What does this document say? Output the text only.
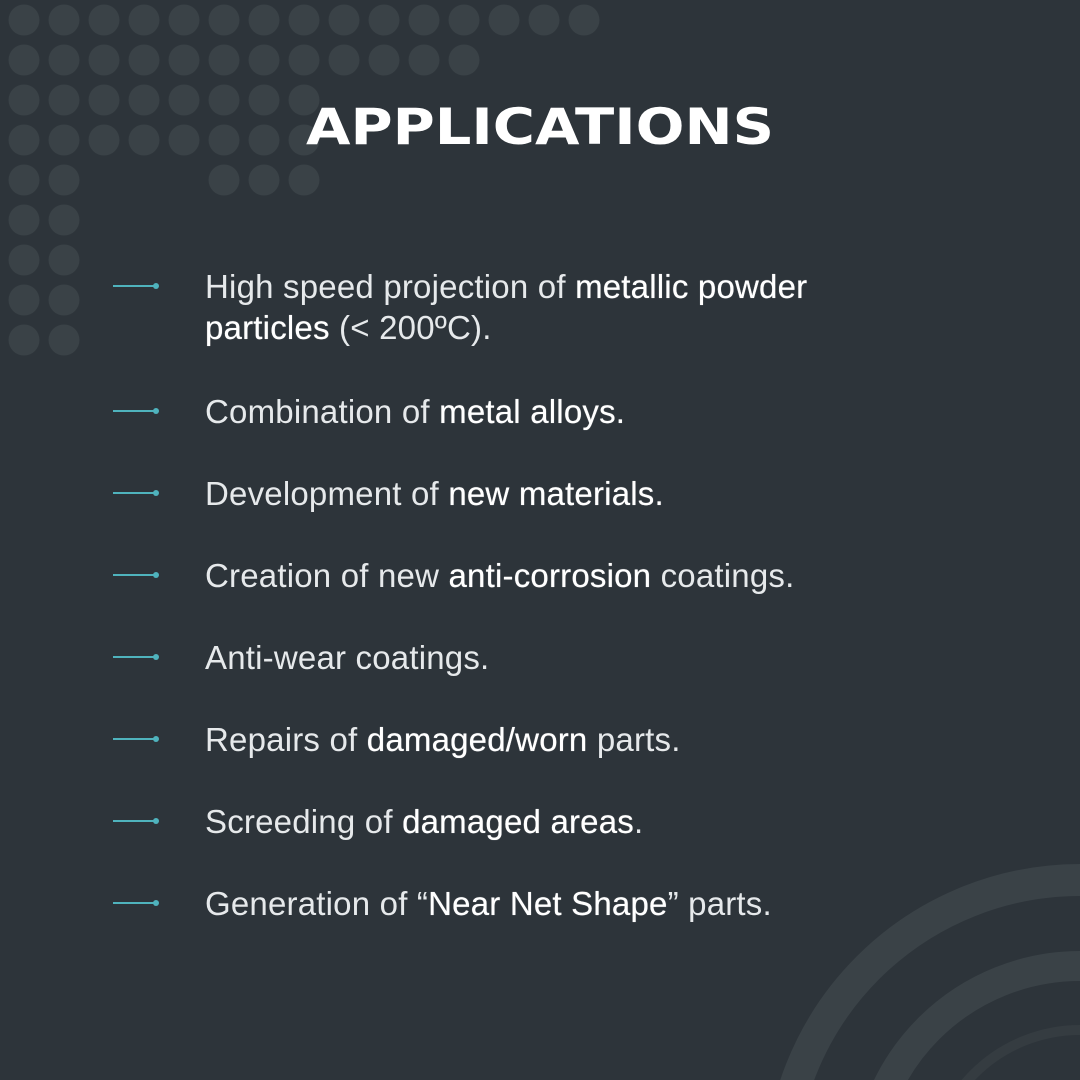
APPLICATIONS
High speed projection of metallic powder particles (< 200ºC).
Combination of metal alloys.
Development of new materials.
Creation of new anti-corrosion coatings.
Anti-wear coatings.
Repairs of damaged/worn parts.
Screeding of damaged areas.
Generation of “Near Net Shape” parts.
